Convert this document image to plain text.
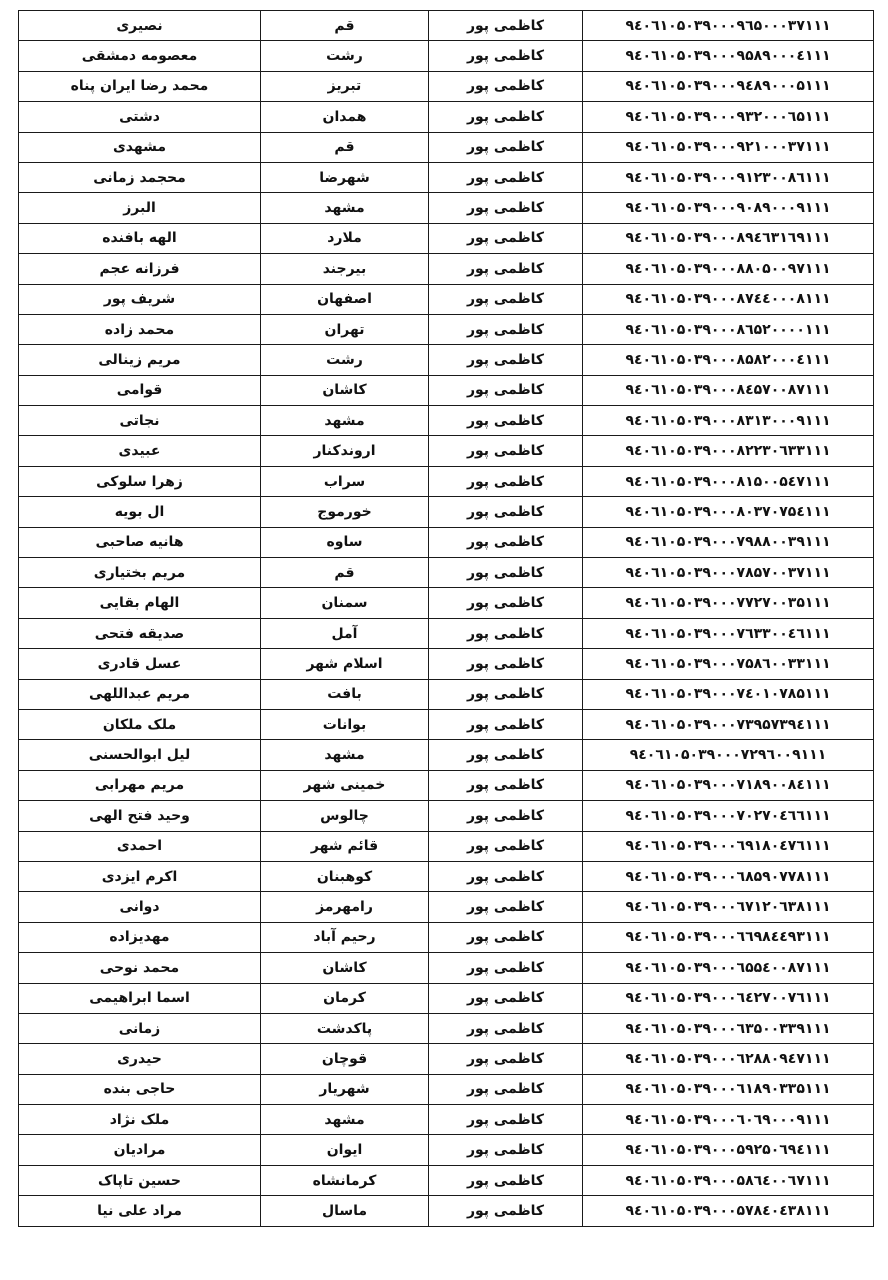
۹٤۰٦۱۰۵۰۳۹۰۰۰۹٦۵۰۰۰۳۷۱۱۱	کاظمی پور	قم	نصیری
۹٤۰٦۱۰۵۰۳۹۰۰۰۹۵۸۹۰۰۰٤۱۱۱	کاظمی پور	رشت	معصومه دمشقی
۹٤۰٦۱۰۵۰۳۹۰۰۰۹٤۸۹۰۰۰۵۱۱۱	کاظمی پور	تبریز	محمد رضا ایران پناه
۹٤۰٦۱۰۵۰۳۹۰۰۰۹۳۲۰۰۰٦۵۱۱۱	کاظمی پور	همدان	دشتی
۹٤۰٦۱۰۵۰۳۹۰۰۰۹۲۱۰۰۰۳۷۱۱۱	کاظمی پور	قم	مشهدی
۹٤۰٦۱۰۵۰۳۹۰۰۰۹۱۲۳۰۰۸٦۱۱۱	کاظمی پور	شهرضا	محجمد زمانی
۹٤۰٦۱۰۵۰۳۹۰۰۰۹۰۸۹۰۰۰۹۱۱۱	کاظمی پور	مشهد	البرز
۹٤۰٦۱۰۵۰۳۹۰۰۰۸۹٤٦۳۱٦۹۱۱۱	کاظمی پور	ملارد	الهه بافنده
۹٤۰٦۱۰۵۰۳۹۰۰۰۸۸۰۵۰۰۹۷۱۱۱	کاظمی پور	بیرجند	فرزانه عجم
۹٤۰٦۱۰۵۰۳۹۰۰۰۸۷٤٤۰۰۰۸۱۱۱	کاظمی پور	اصفهان	شریف پور
۹٤۰٦۱۰۵۰۳۹۰۰۰۸٦۵۲۰۰۰۰۱۱۱	کاظمی پور	تهران	محمد زاده
۹٤۰٦۱۰۵۰۳۹۰۰۰۸۵۸۲۰۰۰٤۱۱۱	کاظمی پور	رشت	مریم زینالی
۹٤۰٦۱۰۵۰۳۹۰۰۰۸٤۵۷۰۰۸۷۱۱۱	کاظمی پور	کاشان	قوامی
۹٤۰٦۱۰۵۰۳۹۰۰۰۸۳۱۳۰۰۰۹۱۱۱	کاظمی پور	مشهد	نجاتی
۹٤۰٦۱۰۵۰۳۹۰۰۰۸۲۲۳۰٦۳۳۱۱۱	کاظمی پور	اروندکنار	عبیدی
۹٤۰٦۱۰۵۰۳۹۰۰۰۸۱۵۰۰۵٤۷۱۱۱	کاظمی پور	سراب	زهرا سلوکی
۹٤۰٦۱۰۵۰۳۹۰۰۰۸۰۳۷۰۷۵٤۱۱۱	کاظمی پور	خورموج	ال بویه
۹٤۰٦۱۰۵۰۳۹۰۰۰۷۹۸۸۰۰۳۹۱۱۱	کاظمی پور	ساوه	هانیه صاحبی
۹٤۰٦۱۰۵۰۳۹۰۰۰۷۸۵۷۰۰۳۷۱۱۱	کاظمی پور	قم	مریم بختیاری
۹٤۰٦۱۰۵۰۳۹۰۰۰۷۷۲۷۰۰۳۵۱۱۱	کاظمی پور	سمنان	الهام بقایی
۹٤۰٦۱۰۵۰۳۹۰۰۰۷٦۳۳۰۰٤٦۱۱۱	کاظمی پور	آمل	صدیقه فتحی
۹٤۰٦۱۰۵۰۳۹۰۰۰۷۵۸٦۰۰۳۳۱۱۱	کاظمی پور	اسلام شهر	عسل قادری
۹٤۰٦۱۰۵۰۳۹۰۰۰۷٤۰۱۰۷۸۵۱۱۱	کاظمی پور	بافت	مریم عبداللهی
۹٤۰٦۱۰۵۰۳۹۰۰۰۷۳۹۵۷۳۹٤۱۱۱	کاظمی پور	بوانات	ملک ملکان
۹٤۰٦۱۰۵۰۳۹۰۰۰۷۲۹٦۰۰۹۱۱۱	کاظمی پور	مشهد	لیل ابوالحسنی
۹٤۰٦۱۰۵۰۳۹۰۰۰۷۱۸۹۰۰۸٤۱۱۱	کاظمی پور	خمینی شهر	مریم مهرابی
۹٤۰٦۱۰۵۰۳۹۰۰۰۷۰۲۷۰٤٦٦۱۱۱	کاظمی پور	چالوس	وحید فتح الهی
۹٤۰٦۱۰۵۰۳۹۰۰۰٦۹۱۸۰٤۷٦۱۱۱	کاظمی پور	قائم شهر	احمدی
۹٤۰٦۱۰۵۰۳۹۰۰۰٦۸۵۹۰۷۷۸۱۱۱	کاظمی پور	کوهبنان	اکرم ایزدی
۹٤۰٦۱۰۵۰۳۹۰۰۰٦۷۱۲۰٦۳۸۱۱۱	کاظمی پور	رامهرمز	دوانی
۹٤۰٦۱۰۵۰۳۹۰۰۰٦٦۹۸٤٤۹۳۱۱۱	کاظمی پور	رحیم آباد	مهدیزاده
۹٤۰٦۱۰۵۰۳۹۰۰۰٦۵۵٤۰۰۸۷۱۱۱	کاظمی پور	کاشان	محمد نوحی
۹٤۰٦۱۰۵۰۳۹۰۰۰٦٤۲۷۰۰۷٦۱۱۱	کاظمی پور	کرمان	اسما ابراهیمی
۹٤۰٦۱۰۵۰۳۹۰۰۰٦۳۵۰۰۳۳۹۱۱۱	کاظمی پور	پاکدشت	زمانی
۹٤۰٦۱۰۵۰۳۹۰۰۰٦۲۸۸۰۹٤۷۱۱۱	کاظمی پور	قوچان	حیدری
۹٤۰٦۱۰۵۰۳۹۰۰۰٦۱۸۹۰۳۳۵۱۱۱	کاظمی پور	شهریار	حاجی بنده
۹٤۰٦۱۰۵۰۳۹۰۰۰٦۰٦۹۰۰۰۹۱۱۱	کاظمی پور	مشهد	ملک نژاد
۹٤۰٦۱۰۵۰۳۹۰۰۰۵۹۲۵۰٦۹٤۱۱۱	کاظمی پور	ایوان	مرادیان
۹٤۰٦۱۰۵۰۳۹۰۰۰۵۸٦٤۰۰٦۷۱۱۱	کاظمی پور	کرمانشاه	حسین تاپاک
۹٤۰٦۱۰۵۰۳۹۰۰۰۵۷۸٤۰٤۳۸۱۱۱	کاظمی پور	ماسال	مراد علی نیا
